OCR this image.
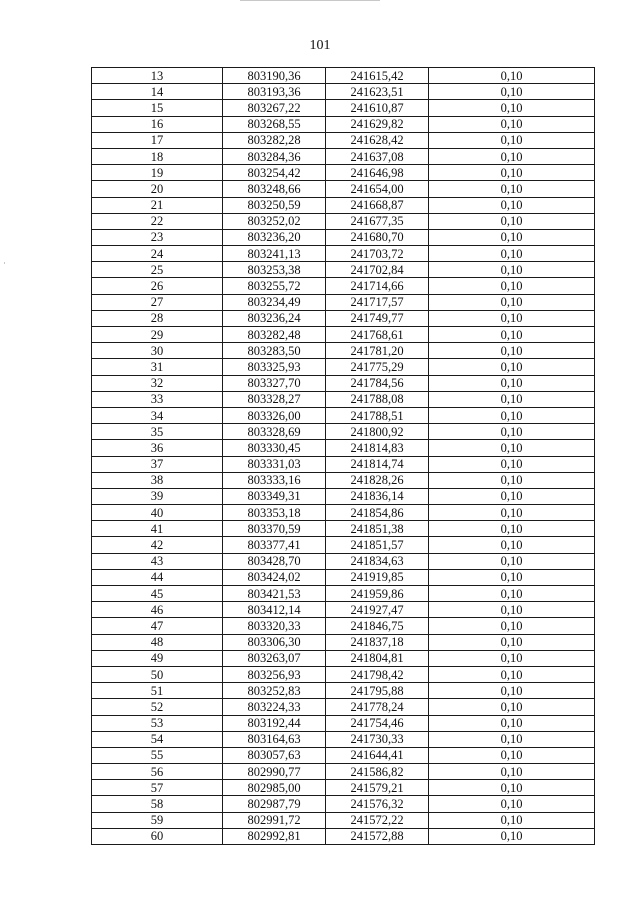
101
13	803190,36	241615,42	0,10
14	803193,36	241623,51	0,10
15	803267,22	241610,87	0,10
16	803268,55	241629,82	0,10
17	803282,28	241628,42	0,10
18	803284,36	241637,08	0,10
19	803254,42	241646,98	0,10
20	803248,66	241654,00	0,10
21	803250,59	241668,87	0,10
22	803252,02	241677,35	0,10
23	803236,20	241680,70	0,10
24	803241,13	241703,72	0,10
25	803253,38	241702,84	0,10
26	803255,72	241714,66	0,10
27	803234,49	241717,57	0,10
28	803236,24	241749,77	0,10
29	803282,48	241768,61	0,10
30	803283,50	241781,20	0,10
31	803325,93	241775,29	0,10
32	803327,70	241784,56	0,10
33	803328,27	241788,08	0,10
34	803326,00	241788,51	0,10
35	803328,69	241800,92	0,10
36	803330,45	241814,83	0,10
37	803331,03	241814,74	0,10
38	803333,16	241828,26	0,10
39	803349,31	241836,14	0,10
40	803353,18	241854,86	0,10
41	803370,59	241851,38	0,10
42	803377,41	241851,57	0,10
43	803428,70	241834,63	0,10
44	803424,02	241919,85	0,10
45	803421,53	241959,86	0,10
46	803412,14	241927,47	0,10
47	803320,33	241846,75	0,10
48	803306,30	241837,18	0,10
49	803263,07	241804,81	0,10
50	803256,93	241798,42	0,10
51	803252,83	241795,88	0,10
52	803224,33	241778,24	0,10
53	803192,44	241754,46	0,10
54	803164,63	241730,33	0,10
55	803057,63	241644,41	0,10
56	802990,77	241586,82	0,10
57	802985,00	241579,21	0,10
58	802987,79	241576,32	0,10
59	802991,72	241572,22	0,10
60	802992,81	241572,88	0,10
